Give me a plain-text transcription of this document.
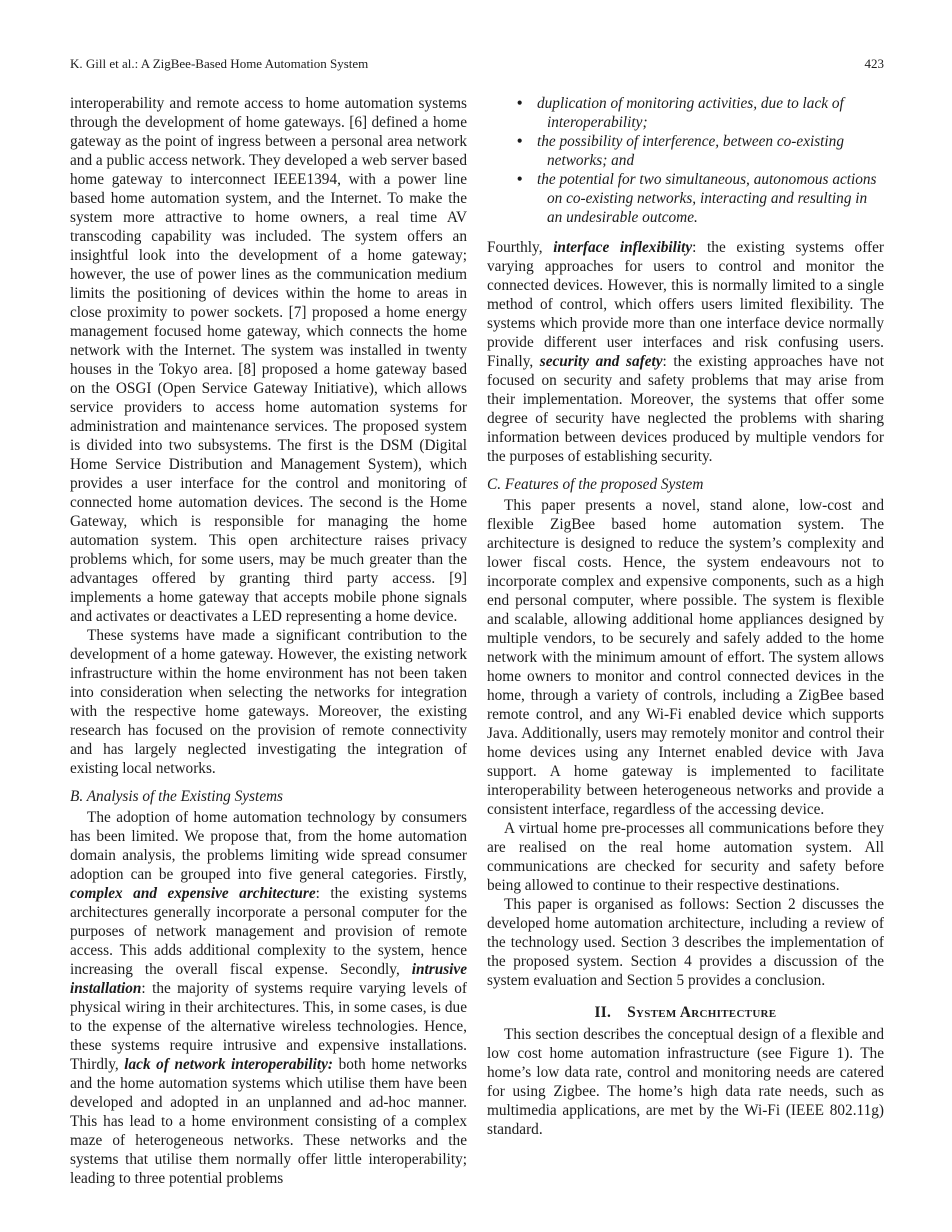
K. Gill et al.: A ZigBee-Based Home Automation System	423

interoperability and remote access to home automation systems through the development of home gateways. [6] defined a home gateway as the point of ingress between a personal area network and a public access network. They developed a web server based home gateway to interconnect IEEE1394, with a power line based home automation system, and the Internet. To make the system more attractive to home owners, a real time AV transcoding capability was included. The system offers an insightful look into the development of a home gateway; however, the use of power lines as the communication medium limits the positioning of devices within the home to areas in close proximity to power sockets. [7] proposed a home energy management focused home gateway, which connects the home network with the Internet. The system was installed in twenty houses in the Tokyo area. [8] proposed a home gateway based on the OSGI (Open Service Gateway Initiative), which allows service providers to access home automation systems for administration and maintenance services. The proposed system is divided into two subsystems. The first is the DSM (Digital Home Service Distribution and Management System), which provides a user interface for the control and monitoring of connected home automation devices. The second is the Home Gateway, which is responsible for managing the home automation system. This open architecture raises privacy problems which, for some users, may be much greater than the advantages offered by granting third party access. [9] implements a home gateway that accepts mobile phone signals and activates or deactivates a LED representing a home device.

These systems have made a significant contribution to the development of a home gateway. However, the existing network infrastructure within the home environment has not been taken into consideration when selecting the networks for integration with the respective home gateways. Moreover, the existing research has focused on the provision of remote connectivity and has largely neglected investigating the integration of existing local networks.

B. Analysis of the Existing Systems

The adoption of home automation technology by consumers has been limited. We propose that, from the home automation domain analysis, the problems limiting wide spread consumer adoption can be grouped into five general categories. Firstly, complex and expensive architecture: the existing systems architectures generally incorporate a personal computer for the purposes of network management and provision of remote access. This adds additional complexity to the system, hence increasing the overall fiscal expense. Secondly, intrusive installation: the majority of systems require varying levels of physical wiring in their architectures. This, in some cases, is due to the expense of the alternative wireless technologies. Hence, these systems require intrusive and expensive installations. Thirdly, lack of network interoperability: both home networks and the home automation systems which utilise them have been developed and adopted in an unplanned and ad-hoc manner. This has lead to a home environment consisting of a complex maze of heterogeneous networks. These networks and the systems that utilise them normally offer little interoperability; leading to three potential problems

• duplication of monitoring activities, due to lack of interoperability;
• the possibility of interference, between co-existing networks; and
• the potential for two simultaneous, autonomous actions on co-existing networks, interacting and resulting in an undesirable outcome.

Fourthly, interface inflexibility: the existing systems offer varying approaches for users to control and monitor the connected devices. However, this is normally limited to a single method of control, which offers users limited flexibility. The systems which provide more than one interface device normally provide different user interfaces and risk confusing users. Finally, security and safety: the existing approaches have not focused on security and safety problems that may arise from their implementation. Moreover, the systems that offer some degree of security have neglected the problems with sharing information between devices produced by multiple vendors for the purposes of establishing security.

C. Features of the proposed System

This paper presents a novel, stand alone, low-cost and flexible ZigBee based home automation system. The architecture is designed to reduce the system’s complexity and lower fiscal costs. Hence, the system endeavours not to incorporate complex and expensive components, such as a high end personal computer, where possible. The system is flexible and scalable, allowing additional home appliances designed by multiple vendors, to be securely and safely added to the home network with the minimum amount of effort. The system allows home owners to monitor and control connected devices in the home, through a variety of controls, including a ZigBee based remote control, and any Wi-Fi enabled device which supports Java. Additionally, users may remotely monitor and control their home devices using any Internet enabled device with Java support. A home gateway is implemented to facilitate interoperability between heterogeneous networks and provide a consistent interface, regardless of the accessing device.

A virtual home pre-processes all communications before they are realised on the real home automation system. All communications are checked for security and safety before being allowed to continue to their respective destinations.

This paper is organised as follows: Section 2 discusses the developed home automation architecture, including a review of the technology used. Section 3 describes the implementation of the proposed system. Section 4 provides a discussion of the system evaluation and Section 5 provides a conclusion.

II. System Architecture

This section describes the conceptual design of a flexible and low cost home automation infrastructure (see Figure 1). The home’s low data rate, control and monitoring needs are catered for using Zigbee. The home’s high data rate needs, such as multimedia applications, are met by the Wi-Fi (IEEE 802.11g) standard.
